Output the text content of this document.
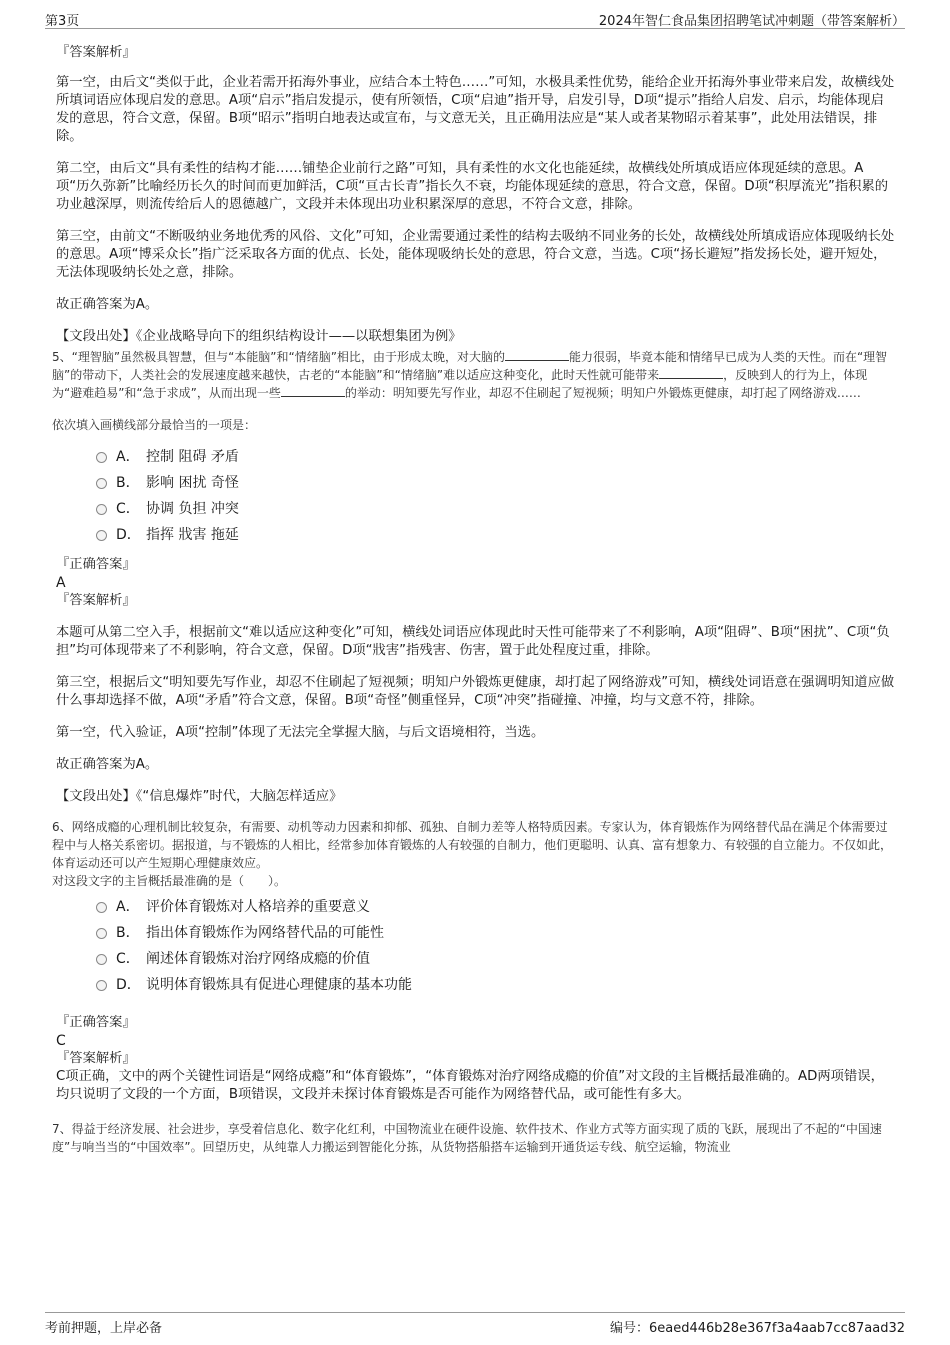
第3页	2024年智仁食品集团招聘笔试冲刺题（带答案解析）
『答案解析』

第一空，由后文“类似于此，企业若需开拓海外事业，应结合本土特色……”可知，水极具柔性优势，能给企业开拓海外事业带来启发，故横线处所填词语应体现启发的意思。A项“启示”指启发提示，使有所领悟，C项“启迪”指开导，启发引导，D项“提示”指给人启发、启示，均能体现启发的意思，符合文意，保留。B项“昭示”指明白地表达或宣布，与文意无关，且正确用法应是“某人或者某物昭示着某事”，此处用法错误，排除。

第二空，由后文“具有柔性的结构才能……铺垫企业前行之路”可知，具有柔性的水文化也能延续，故横线处所填成语应体现延续的意思。A项“历久弥新”比喻经历长久的时间而更加鲜活，C项“亘古长青”指长久不衰，均能体现延续的意思，符合文意，保留。D项“积厚流光”指积累的功业越深厚，则流传给后人的恩德越广，文段并未体现出功业积累深厚的意思，不符合文意，排除。

第三空，由前文“不断吸纳业务地优秀的风俗、文化”可知，企业需要通过柔性的结构去吸纳不同业务的长处，故横线处所填成语应体现吸纳长处的意思。A项“博采众长”指广泛采取各方面的优点、长处，能体现吸纳长处的意思，符合文意，当选。C项“扬长避短”指发扬长处，避开短处，无法体现吸纳长处之意，排除。

故正确答案为A。

【文段出处】《企业战略导向下的组织结构设计——以联想集团为例》

5、“理智脑”虽然极具智慧，但与“本能脑”和“情绪脑”相比，由于形成太晚，对大脑的	能力很弱，毕竟本能和情绪早已成为人类的天性。而在“理智脑”的带动下，人类社会的发展速度越来越快，古老的“本能脑”和“情绪脑”难以适应这种变化，此时天性就可能带来	，反映到人的行为上，体现为“避难趋易”和“急于求成”，从而出现一些	的举动：明知要先写作业，却忍不住刷起了短视频；明知户外锻炼更健康，却打起了网络游戏……

依次填入画横线部分最恰当的一项是：

A． 控制 阻碍 矛盾
B． 影响 困扰 奇怪
C． 协调 负担 冲突
D． 指挥 戕害 拖延
『正确答案』
A
『答案解析』

本题可从第二空入手，根据前文“难以适应这种变化”可知，横线处词语应体现此时天性可能带来了不利影响，A项“阻碍”、B项“困扰”、C项“负担”均可体现带来了不利影响，符合文意，保留。D项“戕害”指残害、伤害，置于此处程度过重，排除。

第三空，根据后文“明知要先写作业，却忍不住刷起了短视频；明知户外锻炼更健康，却打起了网络游戏”可知，横线处词语意在强调明知道应做什么事却选择不做，A项“矛盾”符合文意，保留。B项“奇怪”侧重怪异，C项“冲突”指碰撞、冲撞，均与文意不符，排除。

第一空，代入验证，A项“控制”体现了无法完全掌握大脑，与后文语境相符，当选。

故正确答案为A。

【文段出处】《“信息爆炸”时代，大脑怎样适应》

6、网络成瘾的心理机制比较复杂，有需要、动机等动力因素和抑郁、孤独、自制力差等人格特质因素。专家认为，体育锻炼作为网络替代品在满足个体需要过程中与人格关系密切。据报道，与不锻炼的人相比，经常参加体育锻炼的人有较强的自制力，他们更聪明、认真、富有想象力、有较强的自立能力。不仅如此，体育运动还可以产生短期心理健康效应。

对这段文字的主旨概括最准确的是（　　）。

A． 评价体育锻炼对人格培养的重要意义
B． 指出体育锻炼作为网络替代品的可能性
C． 阐述体育锻炼对治疗网络成瘾的价值
D． 说明体育锻炼具有促进心理健康的基本功能
『正确答案』
C
『答案解析』

C项正确，文中的两个关键性词语是“网络成瘾”和“体育锻炼”，“体育锻炼对治疗网络成瘾的价值”对文段的主旨概括最准确的。AD两项错误，均只说明了文段的一个方面，B项错误，文段并未探讨体育锻炼是否可能作为网络替代品，或可能性有多大。

7、得益于经济发展、社会进步，享受着信息化、数字化红利，中国物流业在硬件设施、软件技术、作业方式等方面实现了质的飞跃，展现出了不起的“中国速度”与响当当的“中国效率”。回望历史，从纯靠人力搬运到智能化分拣，从货物搭船搭车运输到开通货运专线、航空运输，物流业

考前押题，上岸必备	编号：6eaed446b28e367f3a4aab7cc87aad32
